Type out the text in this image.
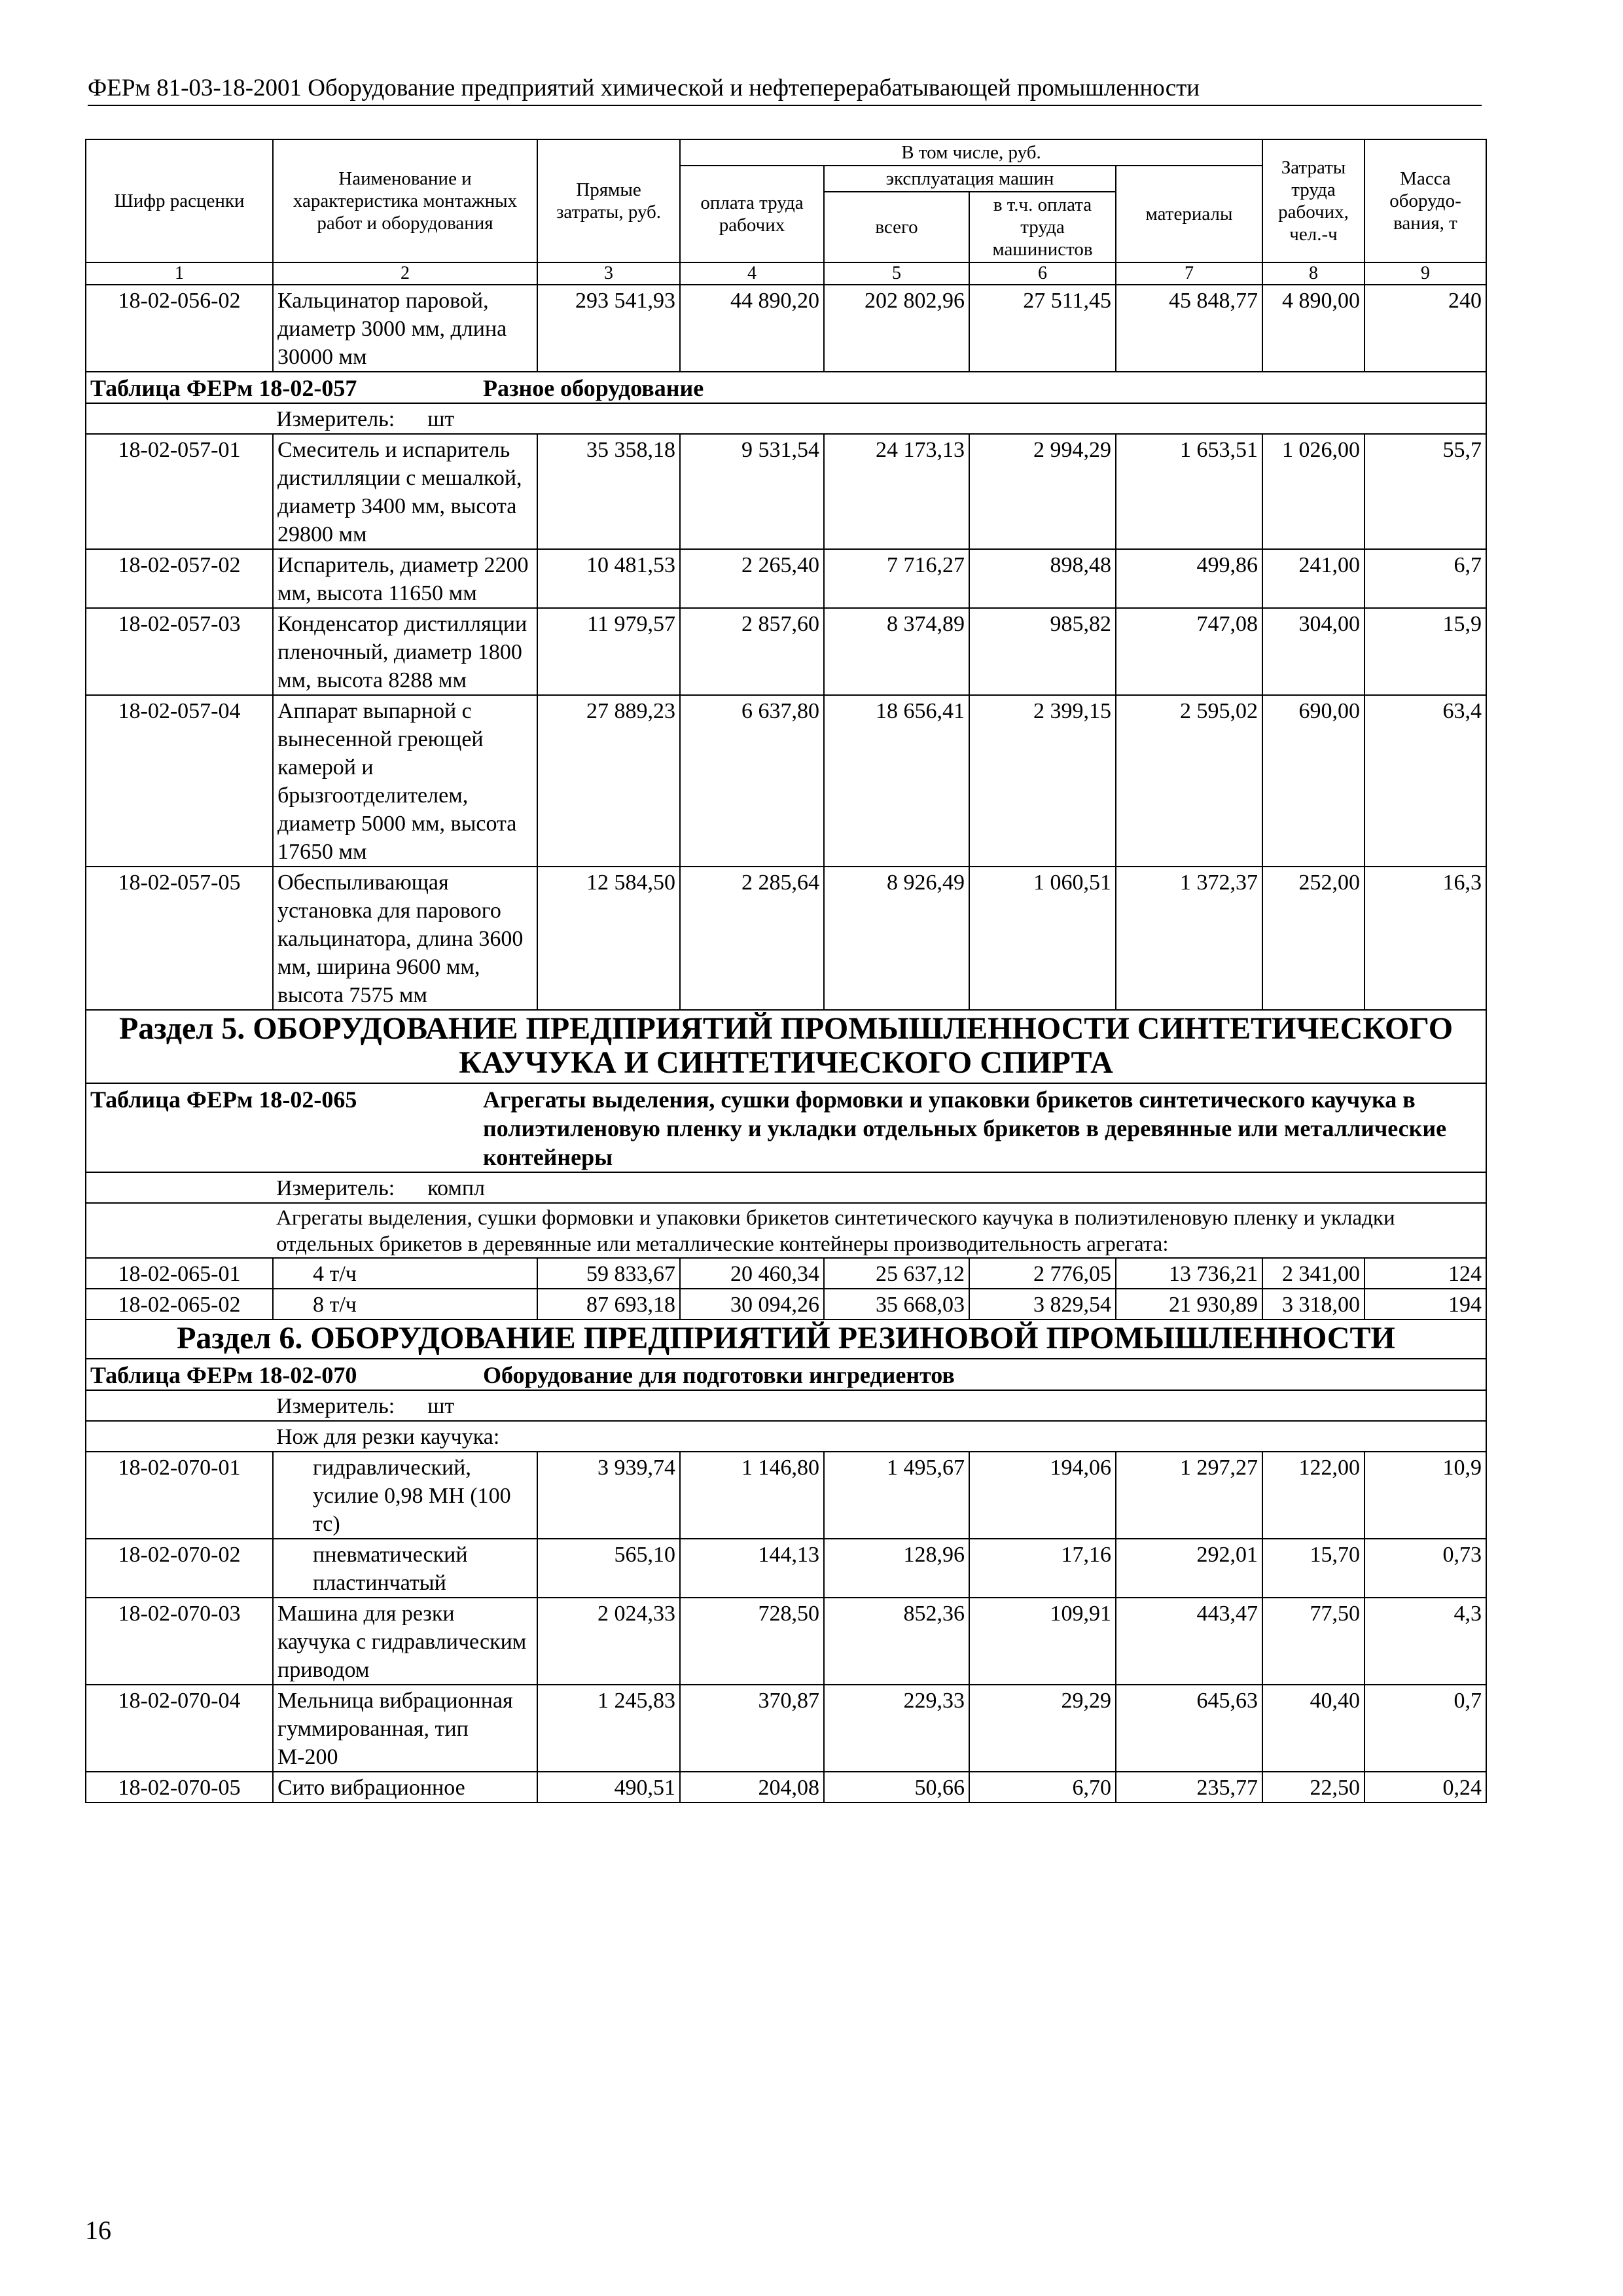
ФЕРм 81-03-18-2001 Оборудование предприятий химической и нефтеперерабатывающей промышленности
Шифр расценки	Наименование и характеристика монтажных работ и оборудования	Прямые затраты, руб.	В том числе, руб.				Затраты труда рабочих, чел.-ч	Масса оборудо-вания, т
			оплата труда рабочих	эксплуатация машин		материалы		
				всего	в т.ч. оплата труда машинистов			
1	2	3	4	5	6	7	8	9
18-02-056-02	Кальцинатор паровой, диаметр 3000 мм, длина 30000 мм	293 541,93	44 890,20	202 802,96	27 511,45	45 848,77	4 890,00	240
Таблица ФЕРм 18-02-057 Разное оборудование								
Измеритель: шт								
18-02-057-01	Смеситель и испаритель дистилляции с мешалкой, диаметр 3400 мм, высота 29800 мм	35 358,18	9 531,54	24 173,13	2 994,29	1 653,51	1 026,00	55,7
18-02-057-02	Испаритель, диаметр 2200 мм, высота 11650 мм	10 481,53	2 265,40	7 716,27	898,48	499,86	241,00	6,7
18-02-057-03	Конденсатор дистилляции пленочный, диаметр 1800 мм, высота 8288 мм	11 979,57	2 857,60	8 374,89	985,82	747,08	304,00	15,9
18-02-057-04	Аппарат выпарной с вынесенной греющей камерой и брызгоотделителем, диаметр 5000 мм, высота 17650 мм	27 889,23	6 637,80	18 656,41	2 399,15	2 595,02	690,00	63,4
18-02-057-05	Обеспыливающая установка для парового кальцинатора, длина 3600 мм, ширина 9600 мм, высота 7575 мм	12 584,50	2 285,64	8 926,49	1 060,51	1 372,37	252,00	16,3
Раздел 5. ОБОРУДОВАНИЕ ПРЕДПРИЯТИЙ ПРОМЫШЛЕННОСТИ СИНТЕТИЧЕСКОГО КАУЧУКА И СИНТЕТИЧЕСКОГО СПИРТА								
Таблица ФЕРм 18-02-065 Агрегаты выделения, сушки формовки и упаковки брикетов синтетического каучука в полиэтиленовую пленку и укладки отдельных брикетов в деревянные или металлические контейнеры								
Измеритель: компл								
Агрегаты выделения, сушки формовки и упаковки брикетов синтетического каучука в полиэтиленовую пленку и укладки отдельных брикетов в деревянные или металлические контейнеры производительность агрегата:								
18-02-065-01	4 т/ч	59 833,67	20 460,34	25 637,12	2 776,05	13 736,21	2 341,00	124
18-02-065-02	8 т/ч	87 693,18	30 094,26	35 668,03	3 829,54	21 930,89	3 318,00	194
Раздел 6. ОБОРУДОВАНИЕ ПРЕДПРИЯТИЙ РЕЗИНОВОЙ ПРОМЫШЛЕННОСТИ								
Таблица ФЕРм 18-02-070 Оборудование для подготовки ингредиентов								
Измеритель: шт								
Нож для резки каучука:								
18-02-070-01	гидравлический, усилие 0,98 МН (100 тс)	3 939,74	1 146,80	1 495,67	194,06	1 297,27	122,00	10,9
18-02-070-02	пневматический пластинчатый	565,10	144,13	128,96	17,16	292,01	15,70	0,73
18-02-070-03	Машина для резки каучука с гидравлическим приводом	2 024,33	728,50	852,36	109,91	443,47	77,50	4,3
18-02-070-04	Мельница вибрационная гуммированная, тип М-200	1 245,83	370,87	229,33	29,29	645,63	40,40	0,7
18-02-070-05	Сито вибрационное	490,51	204,08	50,66	6,70	235,77	22,50	0,24
16
